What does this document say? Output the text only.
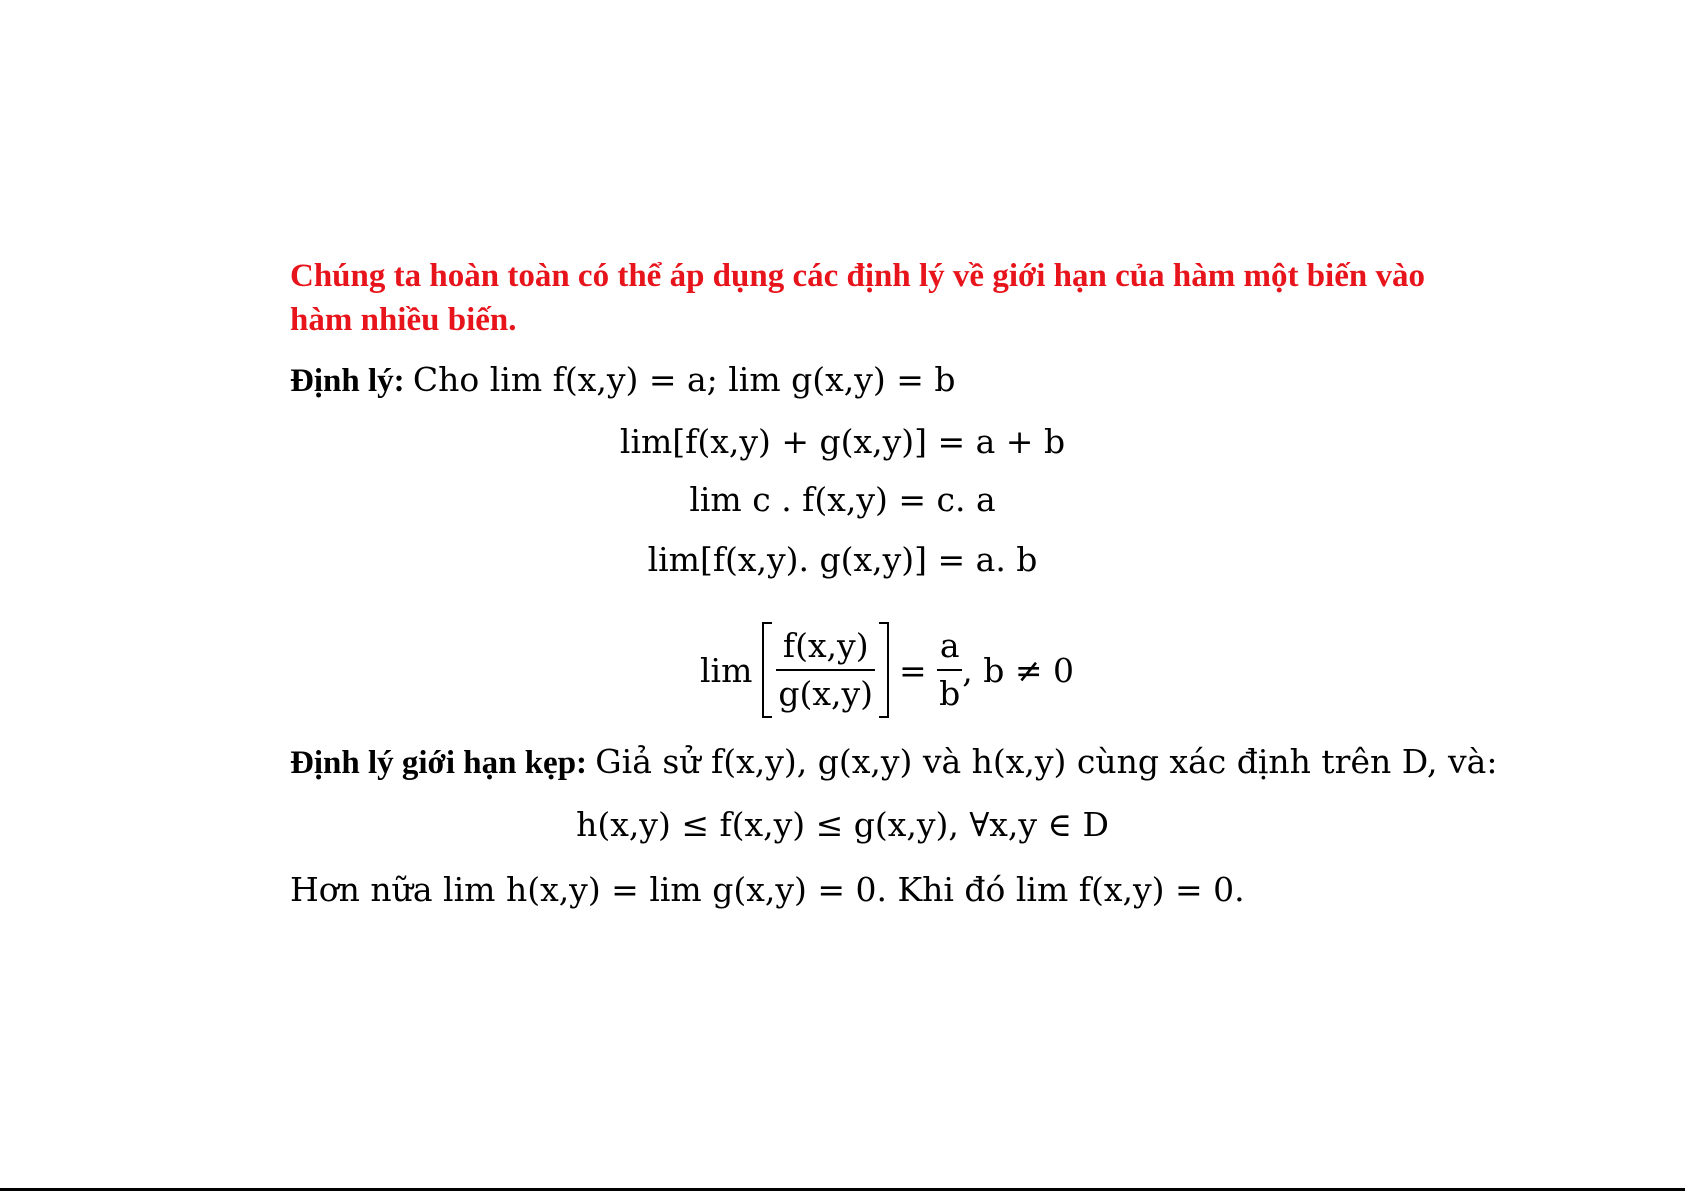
Chúng ta hoàn toàn có thể áp dụng các định lý về giới hạn của hàm một biến vào hàm nhiều biến.
Định lý: Cho lim f(x,y) = a; lim g(x,y) = b
lim[f(x,y) + g(x,y)] = a + b
lim c . f(x,y) = c. a
lim[f(x,y). g(x,y)] = a. b
$\lim \frac{f(x,y)}{g(x,y)} = \frac{a}{b}$ , b ≠ 0
Định lý giới hạn kẹp: Giả sử f(x,y), g(x,y) và h(x,y) cùng xác định trên D, và:
h(x,y) ≤ f(x,y) ≤ g(x,y), ∀x,y ∈ D
Hơn nữa lim h(x,y) = lim g(x,y) = 0. Khi đó lim f(x,y) = 0.
